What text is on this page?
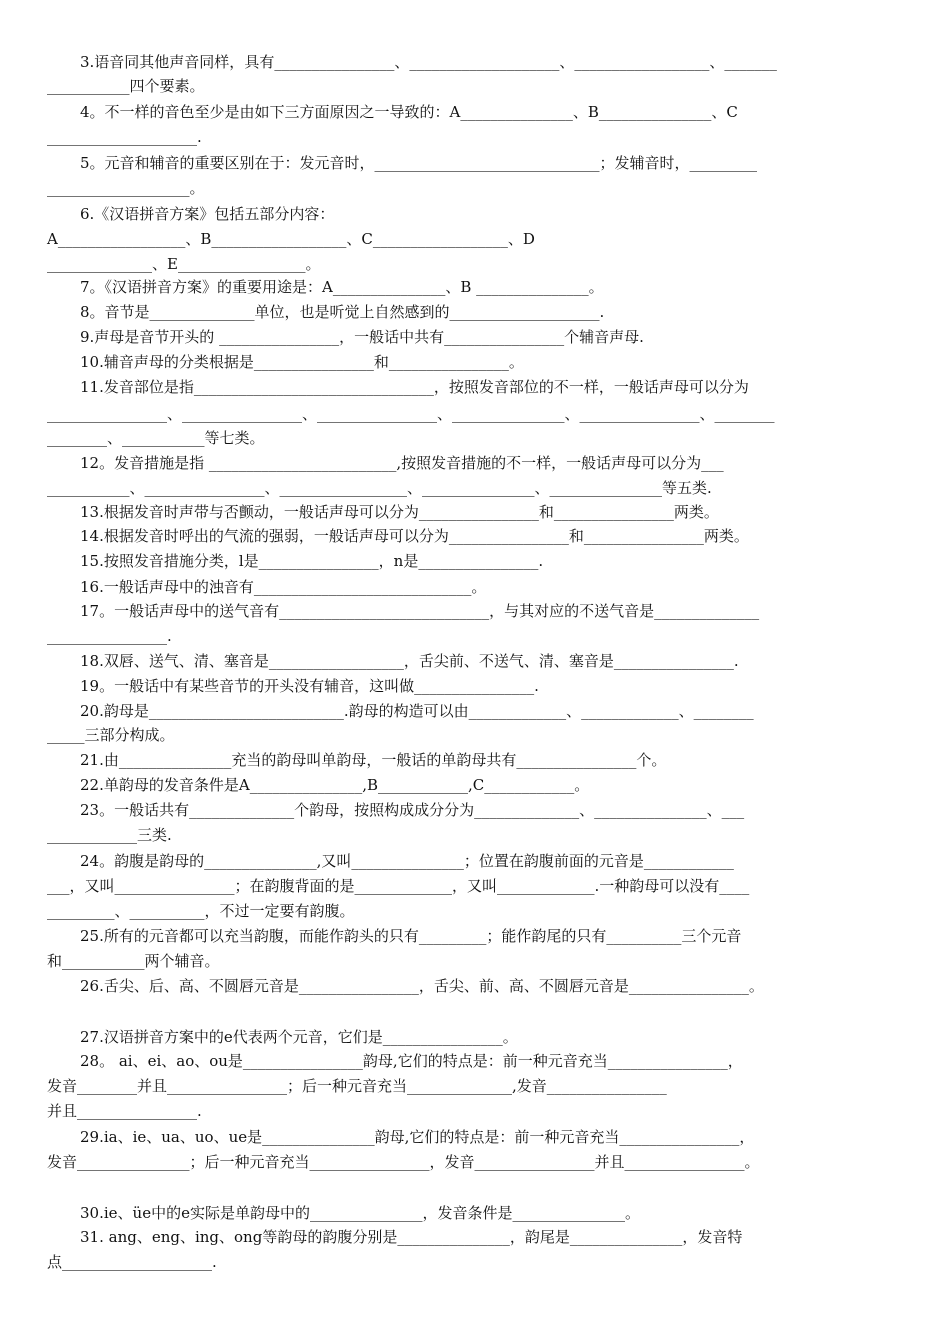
3.语音同其他声音同样，具有________________、____________________、__________________、_______
___________四个要素。
4。不一样的音色至少是由如下三方面原因之一导致的：A_______________、B_______________、C
____________________.
5。元音和辅音的重要区别在于：发元音时，______________________________；发辅音时，_________
___________________。
6.《汉语拼音方案》包括五部分内容：
A_________________、B__________________、C__________________、D
______________、E_________________。
7。《汉语拼音方案》的重要用途是：A_______________、B _______________。
8。音节是______________单位，也是听觉上自然感到的____________________.
9.声母是音节开头的 ________________，一般话中共有________________个辅音声母.
10.辅音声母的分类根据是________________和________________。
11.发音部位是指________________________________，按照发音部位的不一样，一般话声母可以分为
________________、________________、________________、_______________、________________、________
________、___________等七类。
12。发音措施是指 _________________________,按照发音措施的不一样，一般话声母可以分为___
___________、________________、_________________、_______________、_______________等五类.
13.根据发音时声带与否颤动，一般话声母可以分为________________和________________两类。
14.根据发音时呼出的气流的强弱，一般话声母可以分为________________和________________两类。
15.按照发音措施分类，l是________________，n是________________.
16.一般话声母中的浊音有_____________________________。
17。一般话声母中的送气音有____________________________，与其对应的不送气音是______________
________________.
18.双唇、送气、清、塞音是__________________，舌尖前、不送气、清、塞音是________________.
19。一般话中有某些音节的开头没有辅音，这叫做________________.
20.韵母是__________________________.韵母的构造可以由_____________、_____________、________
_____三部分构成。
21.由_______________充当的韵母叫单韵母，一般话的单韵母共有________________个。
22.单韵母的发音条件是A_______________,B____________,C____________。
23。一般话共有______________个韵母，按照构成成分分为______________、_______________、___
____________三类.
24。韵腹是韵母的_______________,又叫_______________；位置在韵腹前面的元音是____________
___，又叫________________；在韵腹背面的是_____________，又叫_____________.一种韵母可以没有____
_________、__________，不过一定要有韵腹。
25.所有的元音都可以充当韵腹，而能作韵头的只有_________；能作韵尾的只有__________三个元音
和___________两个辅音。
26.舌尖、后、高、不圆唇元音是________________，舌尖、前、高、不圆唇元音是________________。
27.汉语拼音方案中的e代表两个元音，它们是________________。
28。 ai、ei、ao、ou是________________韵母,它们的特点是：前一种元音充当________________，
发音________并且________________；后一种元音充当______________,发音________________
并且________________.
29.ia、ie、ua、uo、ue是_______________韵母,它们的特点是：前一种元音充当________________，
发音_______________；后一种元音充当________________，发音________________并且________________。
30.ie、üe中的e实际是单韵母中的_______________，发音条件是_______________。
31. ang、eng、ing、ong等韵母的韵腹分别是_______________，韵尾是_______________，发音特
点____________________.
